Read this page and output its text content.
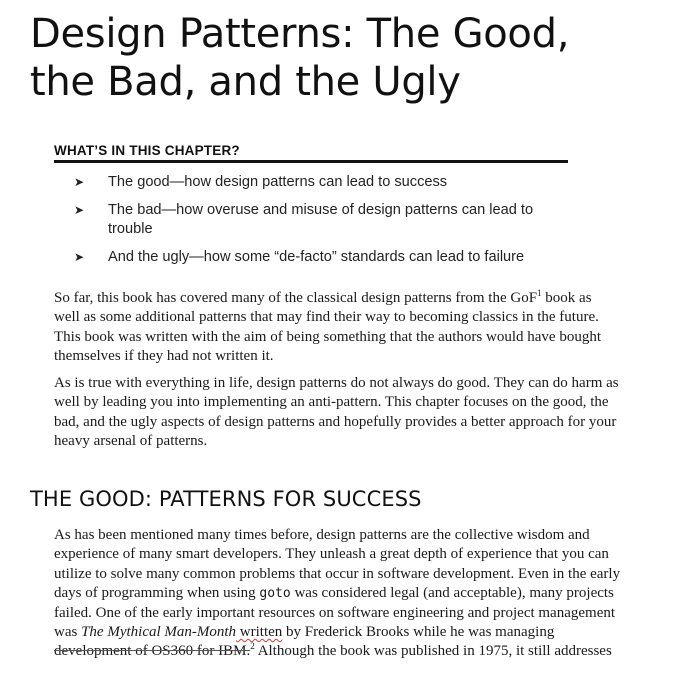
Design Patterns: The Good,
the Bad, and the Ugly
WHAT’S IN THIS CHAPTER?
➤ The good—how design patterns can lead to success
➤ The bad—how overuse and misuse of design patterns can lead to
trouble
➤ And the ugly—how some “de-facto” standards can lead to failure

So far, this book has covered many of the classical design patterns from the GoF$^1$ book as
well as some additional patterns that may find their way to becoming classics in the future.
This book was written with the aim of being something that the authors would have bought
themselves if they had not written it.

As is true with everything in life, design patterns do not always do good. They can do harm as
well by leading you into implementing an anti-pattern. This chapter focuses on the good, the
bad, and the ugly aspects of design patterns and hopefully provides a better approach for your
heavy arsenal of patterns.

THE GOOD: PATTERNS FOR SUCCESS

As has been mentioned many times before, design patterns are the collective wisdom and
experience of many smart developers. They unleash a great depth of experience that you can
utilize to solve many common problems that occur in software development. Even in the early
days of programming when using goto was considered legal (and acceptable), many projects
failed. One of the early important resources on software engineering and project management
was The Mythical Man-Month written by Frederick Brooks while he was managing
development of OS360 for IBM.$^2$ Although the book was published in 1975, it still addresses
